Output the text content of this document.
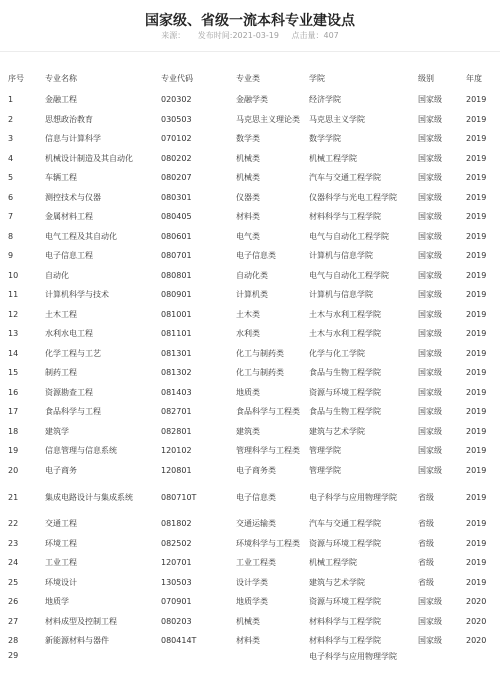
国家级、省级一流本科专业建设点
来源： 发布时间:2021-03-19 点击量：407
序号	专业名称	专业代码	专业类	学院	级别	年度
1	金融工程	020302	金融学类	经济学院	国家级	2019
2	思想政治教育	030503	马克思主义理论类	马克思主义学院	国家级	2019
3	信息与计算科学	070102	数学类	数学学院	国家级	2019
4	机械设计制造及其自动化	080202	机械类	机械工程学院	国家级	2019
5	车辆工程	080207	机械类	汽车与交通工程学院	国家级	2019
6	测控技术与仪器	080301	仪器类	仪器科学与光电工程学院	国家级	2019
7	金属材料工程	080405	材料类	材料科学与工程学院	国家级	2019
8	电气工程及其自动化	080601	电气类	电气与自动化工程学院	国家级	2019
9	电子信息工程	080701	电子信息类	计算机与信息学院	国家级	2019
10	自动化	080801	自动化类	电气与自动化工程学院	国家级	2019
11	计算机科学与技术	080901	计算机类	计算机与信息学院	国家级	2019
12	土木工程	081001	土木类	土木与水利工程学院	国家级	2019
13	水利水电工程	081101	水利类	土木与水利工程学院	国家级	2019
14	化学工程与工艺	081301	化工与制药类	化学与化工学院	国家级	2019
15	制药工程	081302	化工与制药类	食品与生物工程学院	国家级	2019
16	资源勘查工程	081403	地质类	资源与环境工程学院	国家级	2019
17	食品科学与工程	082701	食品科学与工程类	食品与生物工程学院	国家级	2019
18	建筑学	082801	建筑类	建筑与艺术学院	国家级	2019
19	信息管理与信息系统	120102	管理科学与工程类	管理学院	国家级	2019
20	电子商务	120801	电子商务类	管理学院	国家级	2019
21	集成电路设计与集成系统	080710T	电子信息类	电子科学与应用物理学院	省级	2019
22	交通工程	081802	交通运输类	汽车与交通工程学院	省级	2019
23	环境工程	082502	环境科学与工程类	资源与环境工程学院	省级	2019
24	工业工程	120701	工业工程类	机械工程学院	省级	2019
25	环境设计	130503	设计学类	建筑与艺术学院	省级	2019
26	地质学	070901	地质学类	资源与环境工程学院	国家级	2020
27	材料成型及控制工程	080203	机械类	材料科学与工程学院	国家级	2020
28	新能源材料与器件	080414T	材料类	材料科学与工程学院	国家级	2020
29				电子科学与应用物理学院		
